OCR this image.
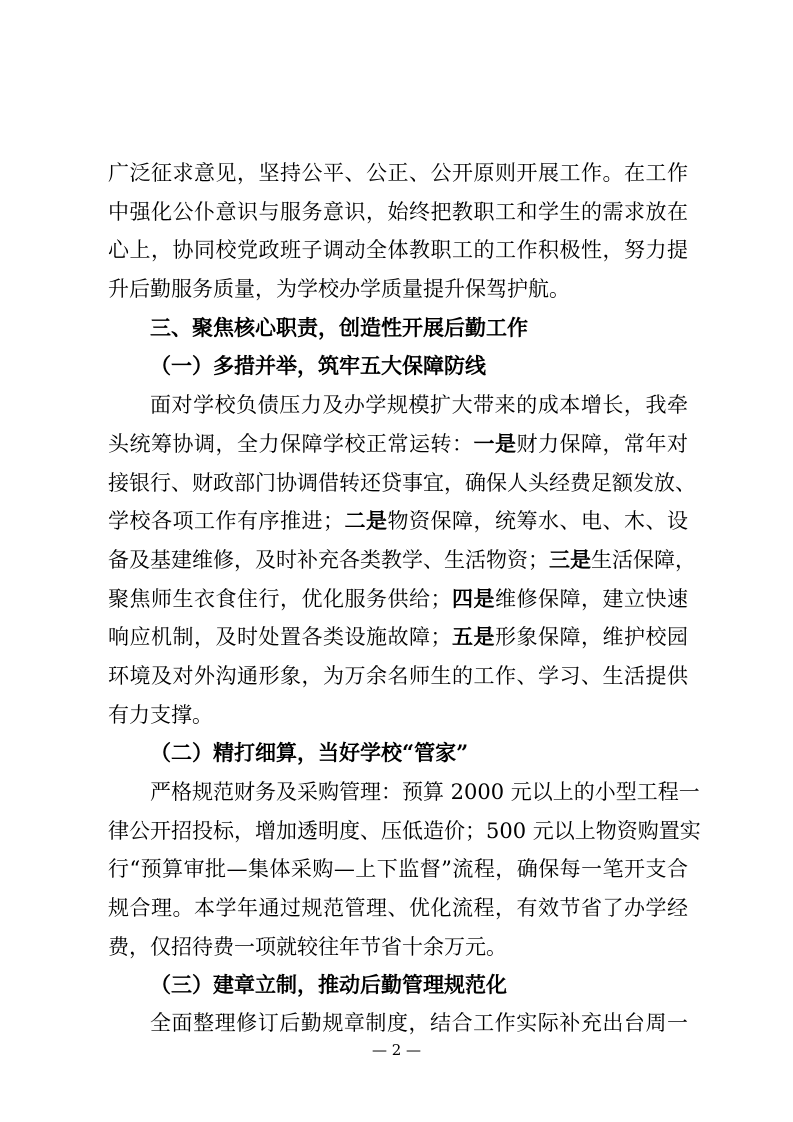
广泛征求意见，坚持公平、公正、公开原则开展工作。在工作
中强化公仆意识与服务意识，始终把教职工和学生的需求放在
心上，协同校党政班子调动全体教职工的工作积极性，努力提
升后勤服务质量，为学校办学质量提升保驾护航。
三、聚焦核心职责，创造性开展后勤工作
（一）多措并举，筑牢五大保障防线
面对学校负债压力及办学规模扩大带来的成本增长，我牵
头统筹协调，全力保障学校正常运转：一是财力保障，常年对
接银行、财政部门协调借转还贷事宜，确保人头经费足额发放、
学校各项工作有序推进；二是物资保障，统筹水、电、木、设
备及基建维修，及时补充各类教学、生活物资；三是生活保障，
聚焦师生衣食住行，优化服务供给；四是维修保障，建立快速
响应机制，及时处置各类设施故障；五是形象保障，维护校园
环境及对外沟通形象，为万余名师生的工作、学习、生活提供
有力支撑。
（二）精打细算，当好学校“管家”
严格规范财务及采购管理：预算 2000 元以上的小型工程一
律公开招投标，增加透明度、压低造价；500 元以上物资购置实
行“预算审批—集体采购—上下监督”流程，确保每一笔开支合
规合理。本学年通过规范管理、优化流程，有效节省了办学经
费，仅招待费一项就较往年节省十余万元。
（三）建章立制，推动后勤管理规范化
全面整理修订后勤规章制度，结合工作实际补充出台周一
— 2 —
